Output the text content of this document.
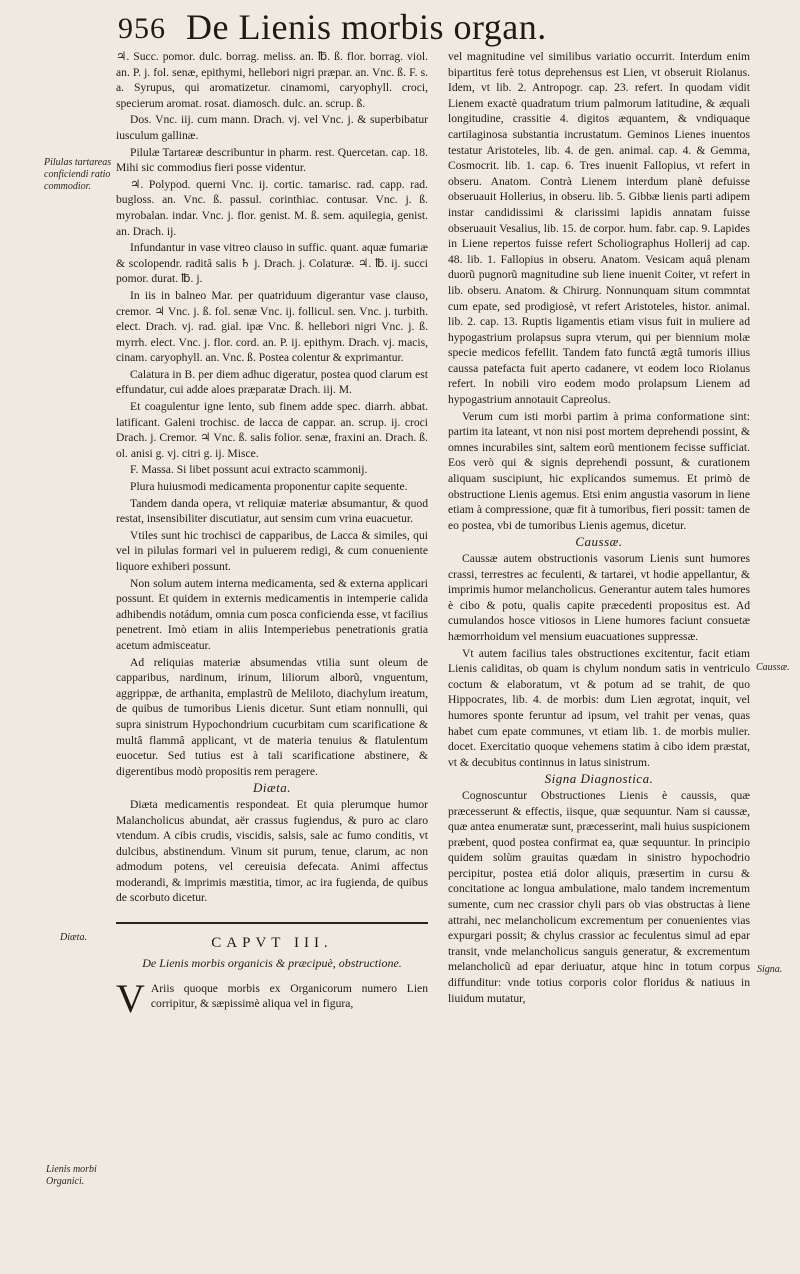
956 De Lienis morbis organ.
Pilulas tartareas conficiendi ratio commodior.
Diæta.
Lienis morbi Organici.
Caussæ.
Signa.

♃. Succ. pomor. dulc. borrag. meliss. an. ℔. ß. flor. borrag. viol. an. P. j. fol. senæ, epithymi, hellebori nigri præpar. an. Vnc. ß. F. s. a. Syrupus, qui aromatizetur. cinamomi, caryophyll. croci, specierum aromat. rosat. diamosch. dulc. an. scrup. ß.

Dos. Vnc. iij. cum mann. Drach. vj. vel Vnc. j. & superbibatur iusculum gallinæ.

Pilulæ Tartareæ describuntur in pharm. rest. Quercetan. cap. 18. Mihi sic commodius fieri posse videntur.

♃. Polypod. querni Vnc. ij. cortic. tamarisc. rad. capp. rad. bugloss. an. Vnc. ß. passul. corinthiac. contusar. Vnc. j. ß. myrobalan. indar. Vnc. j. flor. genist. M. ß. sem. aquilegia, genist. an. Drach. ij.

Infundantur in vase vitreo clauso in suffic. quant. aquæ fumariæ & scolopendr. raditâ salis ♄ j. Drach. j. Colaturæ. ♃. ℔. ij. succi pomor. durat. ℔. j.

In iis in balneo Mar. per quatriduum digerantur vase clauso, cremor. ♃ Vnc. j. ß. fol. senæ Vnc. ij. follicul. sen. Vnc. j. turbith. elect. Drach. vj. rad. gial. ipæ Vnc. ß. hellebori nigri Vnc. j. ß. myrrh. elect. Vnc. j. flor. cord. an. P. ij. epithym. Drach. vj. macis, cinam. caryophyll. an. Vnc. ß. Postea colentur & exprimantur.

Calatura in B. per diem adhuc digeratur, postea quod clarum est effundatur, cui adde aloes præparatæ Drach. iij. M.

Et coagulentur igne lento, sub finem adde spec. diarrh. abbat. latificant. Galeni trochisc. de lacca de cappar. an. scrup. ij. croci Drach. j. Cremor. ♃ Vnc. ß. salis folior. senæ, fraxini an. Drach. ß. ol. anisi g. vj. citri g. ij. Misce.

F. Massa. Si libet possunt acui extracto scammonij.

Plura huiusmodi medicamenta proponentur capite sequente.

Tandem danda opera, vt reliquiæ materiæ absumantur, & quod restat, insensibiliter discutiatur, aut sensim cum vrina euacuetur.

Vtiles sunt hic trochisci de capparibus, de Lacca & similes, qui vel in pilulas formari vel in puluerem redigi, & cum conueniente liquore exhiberi possunt.

Non solum autem interna medicamenta, sed & externa applicari possunt. Et quidem in externis medicamentis in intemperie calida adhibendis notádum, omnia cum posca conficienda esse, vt facilius penetrent. Imò etiam in aliis Intemperiebus penetrationis gratia acetum admisceatur.

Ad reliquias materiæ absumendas vtilia sunt oleum de capparibus, nardinum, irinum, liliorum alborũ, vnguentum, aggrippæ, de arthanita, emplastrũ de Meliloto, diachylum ireatum, de quibus de tumoribus Lienis dicetur. Sunt etiam nonnulli, qui supra sinistrum Hypochondrium cucurbitam cum scarificatione & multâ flammâ applicant, vt de materia tenuius & flatulentum euocetur. Sed tutius est à tali scarificatione abstinere, & digerentibus modò propositis rem peragere.

Diæta.

Diæta medicamentis respondeat. Et quia plerumque humor Malancholicus abundat, aër crassus fugiendus, & puro ac claro vtendum. A cibis crudis, viscidis, salsis, sale ac fumo conditis, vt dulcibus, abstinendum. Vinum sit purum, tenue, clarum, ac non admodum potens, vel cereuisia defecata. Animi affectus moderandi, & imprimis mæstitia, timor, ac ira fugienda, de quibus de scorbuto dicetur.

CAPVT III.
De Lienis morbis organicis & præcipuè, obstructione.

V Ariis quoque morbis ex Organicorum numero Lien corripitur, & sæpissimè aliqua vel in figura,

vel magnitudine vel similibus variatio occurrit. Interdum enim bipartitus ferè totus deprehensus est Lien, vt obseruit Riolanus. Idem, vt lib. 2. Antropogr. cap. 23. refert. In quodam vidit Lienem exactè quadratum trium palmorum latitudine, & æquali longitudine, crassitie 4. digitos æquantem, & vndiquaque cartilaginosa substantia incrustatum. Geminos Lienes inuentos testatur Aristoteles, lib. 4. de gen. animal. cap. 4. & Gemma, Cosmocrit. lib. 1. cap. 6. Tres inuenit Fallopius, vt refert in obseru. Anatom. Contrà Lienem interdum planè defuisse obseruauit Hollerius, in obseru. lib. 5. Gibbæ lienis parti adipem instar candidissimi & clarissimi lapidis annatam fuisse obseruauit Vesalius, lib. 15. de corpor. hum. fabr. cap. 9. Lapides in Liene repertos fuisse refert Scholiographus Hollerij ad cap. 48. lib. 1. Fallopius in obseru. Anatom. Vesicam aquâ plenam duorũ pugnorũ magnitudine sub liene inuenit Coiter, vt refert in lib. obseru. Anatom. & Chirurg. Nonnunquam situm commntat cum epate, sed prodigiosè, vt refert Aristoteles, histor. animal. lib. 2. cap. 13. Ruptis ligamentis etiam visus fuit in muliere ad hypogastrium prolapsus supra vterum, qui per biennium molæ specie medicos fefellit. Tandem fato functâ ægtâ tumoris illius caussa patefacta fuit aperto cadanere, vt eodem loco Riolanus refert. In nobili viro eodem modo prolapsum Lienem ad hypogastrium annotauit Capreolus.

Verum cum isti morbi partim à prima conformatione sint: partim ita lateant, vt non nisi post mortem deprehendi possint, & omnes incurabiles sint, saltem eorũ mentionem fecisse sufficiat. Eos verò qui & signis deprehendi possunt, & curationem aliquam suscipiunt, hic explicandos sumemus. Et primò de obstructione Lienis agemus. Etsi enim angustia vasorum in liene etiam à compressione, quæ fit à tumoribus, fieri possit: tamen de eo postea, vbi de tumoribus Lienis agemus, dicetur.

Caussæ.

Caussæ autem obstructionis vasorum Lienis sunt humores crassi, terrestres ac feculenti, & tartarei, vt hodie appellantur, & imprimis humor melancholicus. Generantur autem tales humores è cibo & potu, qualis capite præcedenti propositus est. Ad cumulandos hosce vitiosos in Liene humores faciunt consuetæ hæmorrhoidum vel mensium euacuationes suppressæ.

Vt autem facilius tales obstructiones excitentur, facit etiam Lienis caliditas, ob quam is chylum nondum satis in ventriculo coctum & elaboratum, vt & potum ad se trahit, de quo Hippocrates, lib. 4. de morbis: dum Lien ægrotat, inquit, vel humores sponte feruntur ad ipsum, vel trahit per venas, quas habet cum epate communes, vt etiam lib. 1. de morbis mulier. docet. Exercitatio quoque vehemens statim à cibo idem præstat, vt & decubitus continnus in latus sinistrum.

Signa Diagnostica.

Cognoscuntur Obstructiones Lienis è caussis, quæ præcesserunt & effectis, iisque, quæ sequuntur. Nam si caussæ, quæ antea enumeratæ sunt, præcesserint, mali huius suspicionem præbent, quod postea confirmat ea, quæ sequuntur. In principio quidem solùm grauitas quædam in sinistro hypochodrio percipitur, postea etiá dolor aliquis, præsertim in cursu & concitatione ac longua ambulatione, malo tandem incrementum sumente, cum nec crassior chyli pars ob vias obstructas à liene attrahi, nec melancholicum excrementum per conuenientes vias expurgari possit; & chylus crassior ac feculentus simul ad epar transit, vnde melancholicus sanguis generatur, & excrementum melancholicũ ad epar deriuatur, atque hinc in totum corpus diffunditur: vnde totius corporis color floridus & natiuus in liuidum mutatur,
